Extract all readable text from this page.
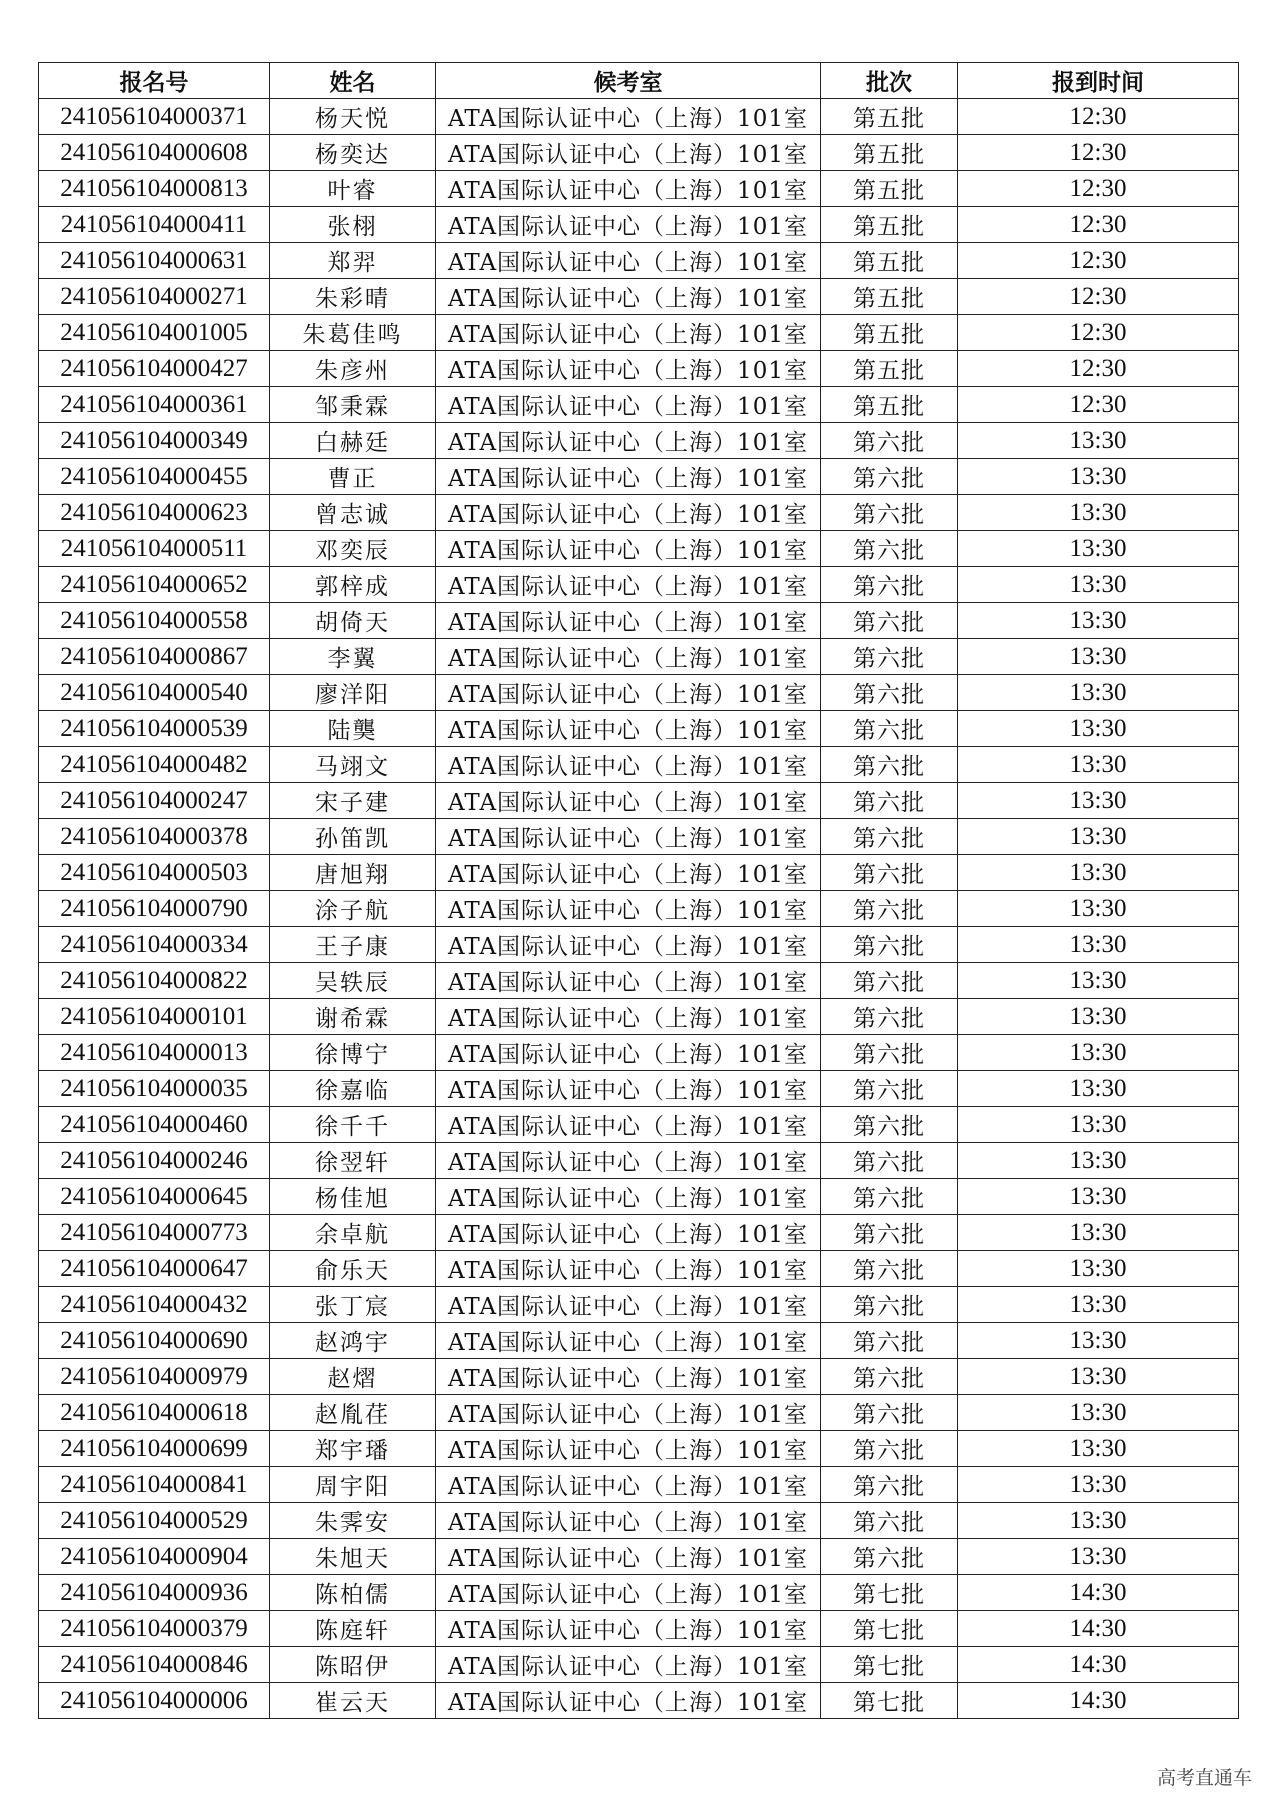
报名号	姓名	候考室	批次	报到时间
241056104000371	杨天悦	ATA国际认证中心（上海）101室	第五批	12:30
241056104000608	杨奕达	ATA国际认证中心（上海）101室	第五批	12:30
241056104000813	叶睿	ATA国际认证中心（上海）101室	第五批	12:30
241056104000411	张栩	ATA国际认证中心（上海）101室	第五批	12:30
241056104000631	郑羿	ATA国际认证中心（上海）101室	第五批	12:30
241056104000271	朱彩晴	ATA国际认证中心（上海）101室	第五批	12:30
241056104001005	朱葛佳鸣	ATA国际认证中心（上海）101室	第五批	12:30
241056104000427	朱彦州	ATA国际认证中心（上海）101室	第五批	12:30
241056104000361	邹秉霖	ATA国际认证中心（上海）101室	第五批	12:30
241056104000349	白赫廷	ATA国际认证中心（上海）101室	第六批	13:30
241056104000455	曹正	ATA国际认证中心（上海）101室	第六批	13:30
241056104000623	曾志诚	ATA国际认证中心（上海）101室	第六批	13:30
241056104000511	邓奕辰	ATA国际认证中心（上海）101室	第六批	13:30
241056104000652	郭梓成	ATA国际认证中心（上海）101室	第六批	13:30
241056104000558	胡倚天	ATA国际认证中心（上海）101室	第六批	13:30
241056104000867	李翼	ATA国际认证中心（上海）101室	第六批	13:30
241056104000540	廖洋阳	ATA国际认证中心（上海）101室	第六批	13:30
241056104000539	陆龑	ATA国际认证中心（上海）101室	第六批	13:30
241056104000482	马翊文	ATA国际认证中心（上海）101室	第六批	13:30
241056104000247	宋子建	ATA国际认证中心（上海）101室	第六批	13:30
241056104000378	孙笛凯	ATA国际认证中心（上海）101室	第六批	13:30
241056104000503	唐旭翔	ATA国际认证中心（上海）101室	第六批	13:30
241056104000790	涂子航	ATA国际认证中心（上海）101室	第六批	13:30
241056104000334	王子康	ATA国际认证中心（上海）101室	第六批	13:30
241056104000822	吴轶辰	ATA国际认证中心（上海）101室	第六批	13:30
241056104000101	谢希霖	ATA国际认证中心（上海）101室	第六批	13:30
241056104000013	徐博宁	ATA国际认证中心（上海）101室	第六批	13:30
241056104000035	徐嘉临	ATA国际认证中心（上海）101室	第六批	13:30
241056104000460	徐千千	ATA国际认证中心（上海）101室	第六批	13:30
241056104000246	徐翌轩	ATA国际认证中心（上海）101室	第六批	13:30
241056104000645	杨佳旭	ATA国际认证中心（上海）101室	第六批	13:30
241056104000773	余卓航	ATA国际认证中心（上海）101室	第六批	13:30
241056104000647	俞乐天	ATA国际认证中心（上海）101室	第六批	13:30
241056104000432	张丁宸	ATA国际认证中心（上海）101室	第六批	13:30
241056104000690	赵鸿宇	ATA国际认证中心（上海）101室	第六批	13:30
241056104000979	赵熠	ATA国际认证中心（上海）101室	第六批	13:30
241056104000618	赵胤荏	ATA国际认证中心（上海）101室	第六批	13:30
241056104000699	郑宇璠	ATA国际认证中心（上海）101室	第六批	13:30
241056104000841	周宇阳	ATA国际认证中心（上海）101室	第六批	13:30
241056104000529	朱霁安	ATA国际认证中心（上海）101室	第六批	13:30
241056104000904	朱旭天	ATA国际认证中心（上海）101室	第六批	13:30
241056104000936	陈柏儒	ATA国际认证中心（上海）101室	第七批	14:30
241056104000379	陈庭轩	ATA国际认证中心（上海）101室	第七批	14:30
241056104000846	陈昭伊	ATA国际认证中心（上海）101室	第七批	14:30
241056104000006	崔云天	ATA国际认证中心（上海）101室	第七批	14:30
高考直通车
